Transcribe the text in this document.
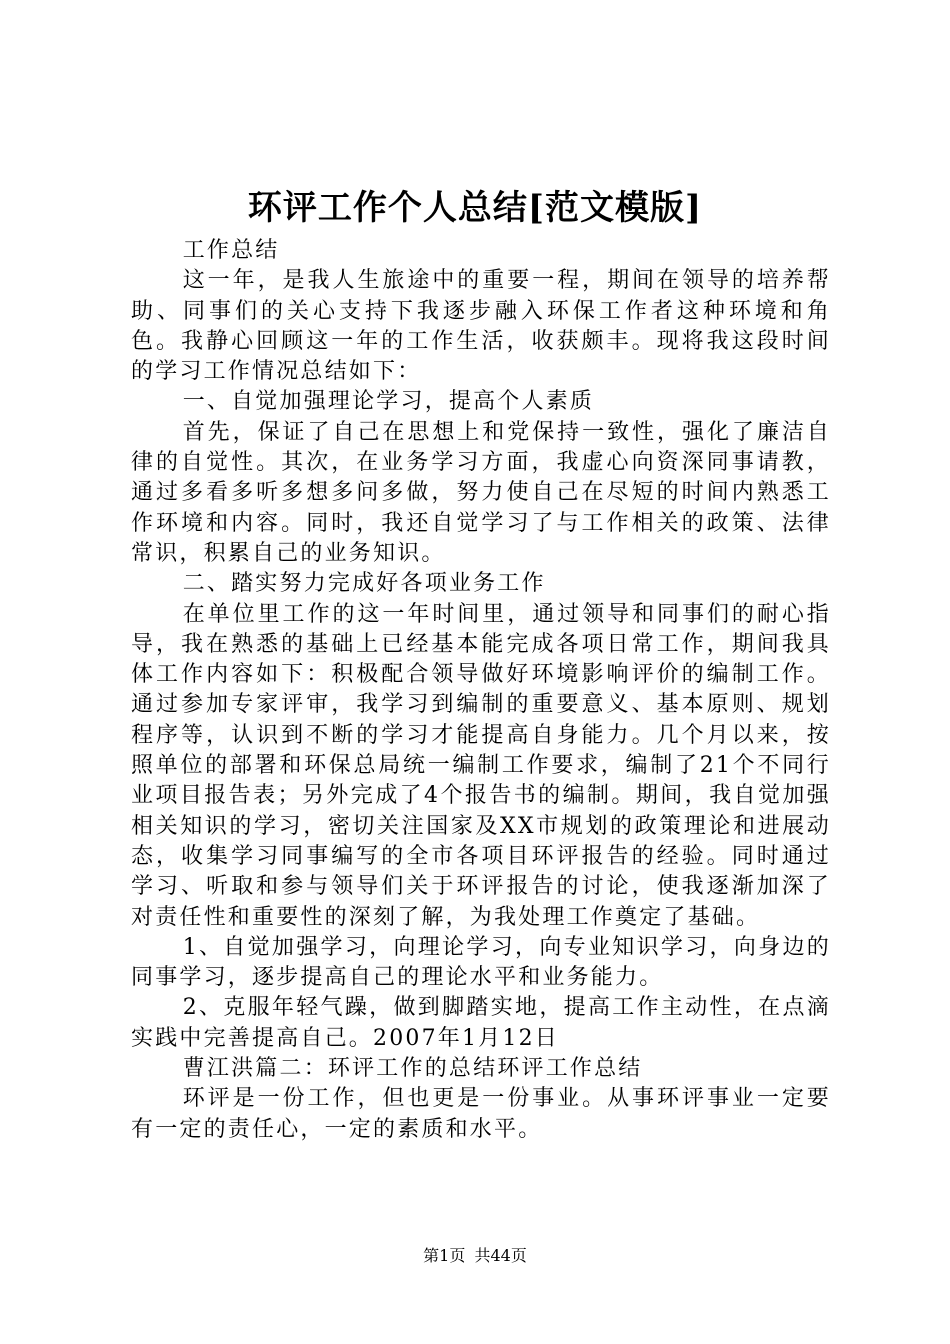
环评工作个人总结[范文模版]

工作总结

这一年，是我人生旅途中的重要一程，期间在领导的培养帮助、同事们的关心支持下我逐步融入环保工作者这种环境和角色。我静心回顾这一年的工作生活，收获颇丰。现将我这段时间的学习工作情况总结如下：

一、自觉加强理论学习，提高个人素质

首先，保证了自己在思想上和党保持一致性，强化了廉洁自律的自觉性。其次，在业务学习方面，我虚心向资深同事请教，通过多看多听多想多问多做，努力使自己在尽短的时间内熟悉工作环境和内容。同时，我还自觉学习了与工作相关的政策、法律常识，积累自己的业务知识。

二、踏实努力完成好各项业务工作

在单位里工作的这一年时间里，通过领导和同事们的耐心指导，我在熟悉的基础上已经基本能完成各项日常工作，期间我具体工作内容如下：积极配合领导做好环境影响评价的编制工作。通过参加专家评审，我学习到编制的重要意义、基本原则、规划程序等，认识到不断的学习才能提高自身能力。几个月以来，按照单位的部署和环保总局统一编制工作要求，编制了21个不同行业项目报告表；另外完成了4个报告书的编制。期间，我自觉加强相关知识的学习，密切关注国家及XX市规划的政策理论和进展动态，收集学习同事编写的全市各项目环评报告的经验。同时通过学习、听取和参与领导们关于环评报告的讨论，使我逐渐加深了对责任性和重要性的深刻了解，为我处理工作奠定了基础。

1、自觉加强学习，向理论学习，向专业知识学习，向身边的同事学习，逐步提高自己的理论水平和业务能力。

2、克服年轻气躁，做到脚踏实地，提高工作主动性，在点滴实践中完善提高自己。2007年1月12日

曹江洪篇二：环评工作的总结环评工作总结

环评是一份工作，但也更是一份事业。从事环评事业一定要有一定的责任心，一定的素质和水平。

第1页 共44页
